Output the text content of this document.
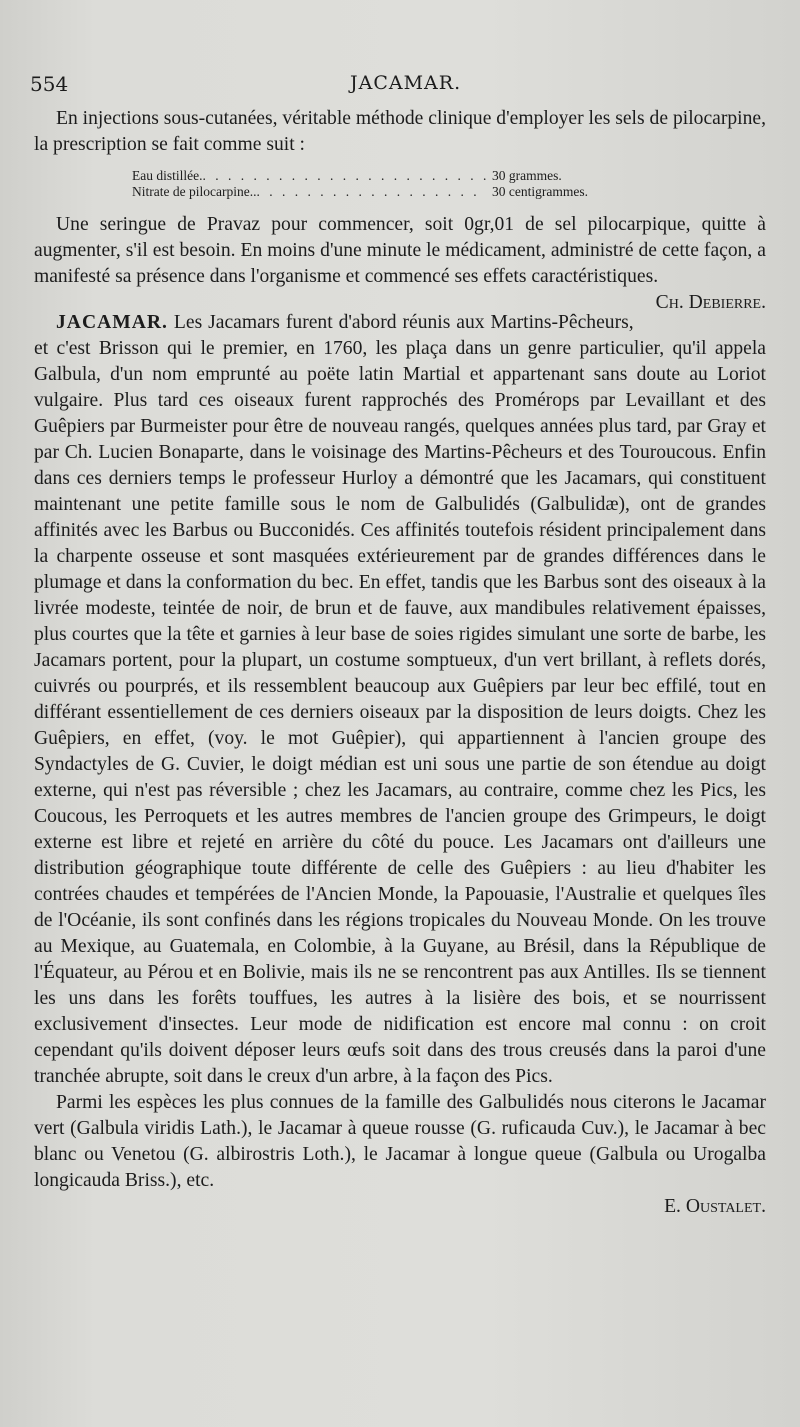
554	JACAMAR.

En injections sous-cutanées, véritable méthode clinique d'employer les sels de pilocarpine, la prescription se fait comme suit :

Eau distillée. . . .	30 grammes.
Nitrate de pilocarpine.. . . .	30 centigrammes.

Une seringue de Pravaz pour commencer, soit 0gr,01 de sel pilocarpique, quitte à augmenter, s'il est besoin. En moins d'une minute le médicament, administré de cette façon, a manifesté sa présence dans l'organisme et commencé ses effets caractéristiques.
Ch. Debierre.

JACAMAR. Les Jacamars furent d'abord réunis aux Martins-Pêcheurs, et c'est Brisson qui le premier, en 1760, les plaça dans un genre particulier, qu'il appela Galbula, d'un nom emprunté au poëte latin Martial et appartenant sans doute au Loriot vulgaire. Plus tard ces oiseaux furent rapprochés des Promérops par Levaillant et des Guêpiers par Burmeister pour être de nouveau rangés, quelques années plus tard, par Gray et par Ch. Lucien Bonaparte, dans le voisinage des Martins-Pêcheurs et des Touroucous. Enfin dans ces derniers temps le professeur Hurloy a démontré que les Jacamars, qui constituent maintenant une petite famille sous le nom de Galbulidés (Galbulidæ), ont de grandes affinités avec les Barbus ou Bucconidés. Ces affinités toutefois résident principalement dans la charpente osseuse et sont masquées extérieurement par de grandes différences dans le plumage et dans la conformation du bec. En effet, tandis que les Barbus sont des oiseaux à la livrée modeste, teintée de noir, de brun et de fauve, aux mandibules relativement épaisses, plus courtes que la tête et garnies à leur base de soies rigides simulant une sorte de barbe, les Jacamars portent, pour la plupart, un costume somptueux, d'un vert brillant, à reflets dorés, cuivrés ou pourprés, et ils ressemblent beaucoup aux Guêpiers par leur bec effilé, tout en différant essentiellement de ces derniers oiseaux par la disposition de leurs doigts. Chez les Guêpiers, en effet, (voy. le mot Guêpier), qui appartiennent à l'ancien groupe des Syndactyles de G. Cuvier, le doigt médian est uni sous une partie de son étendue au doigt externe, qui n'est pas réversible ; chez les Jacamars, au contraire, comme chez les Pics, les Coucous, les Perroquets et les autres membres de l'ancien groupe des Grimpeurs, le doigt externe est libre et rejeté en arrière du côté du pouce. Les Jacamars ont d'ailleurs une distribution géographique toute différente de celle des Guêpiers : au lieu d'habiter les contrées chaudes et tempérées de l'Ancien Monde, la Papouasie, l'Australie et quelques îles de l'Océanie, ils sont confinés dans les régions tropicales du Nouveau Monde. On les trouve au Mexique, au Guatemala, en Colombie, à la Guyane, au Brésil, dans la République de l'Équateur, au Pérou et en Bolivie, mais ils ne se rencontrent pas aux Antilles. Ils se tiennent les uns dans les forêts touffues, les autres à la lisière des bois, et se nourrissent exclusivement d'insectes. Leur mode de nidification est encore mal connu : on croit cependant qu'ils doivent déposer leurs œufs soit dans des trous creusés dans la paroi d'une tranchée abrupte, soit dans le creux d'un arbre, à la façon des Pics.

Parmi les espèces les plus connues de la famille des Galbulidés nous citerons le Jacamar vert (Galbula viridis Lath.), le Jacamar à queue rousse (G. ruficauda Cuv.), le Jacamar à bec blanc ou Venetou (G. albirostris Loth.), le Jacamar à longue queue (Galbula ou Urogalba longicauda Briss.), etc.

E. Oustalet.
